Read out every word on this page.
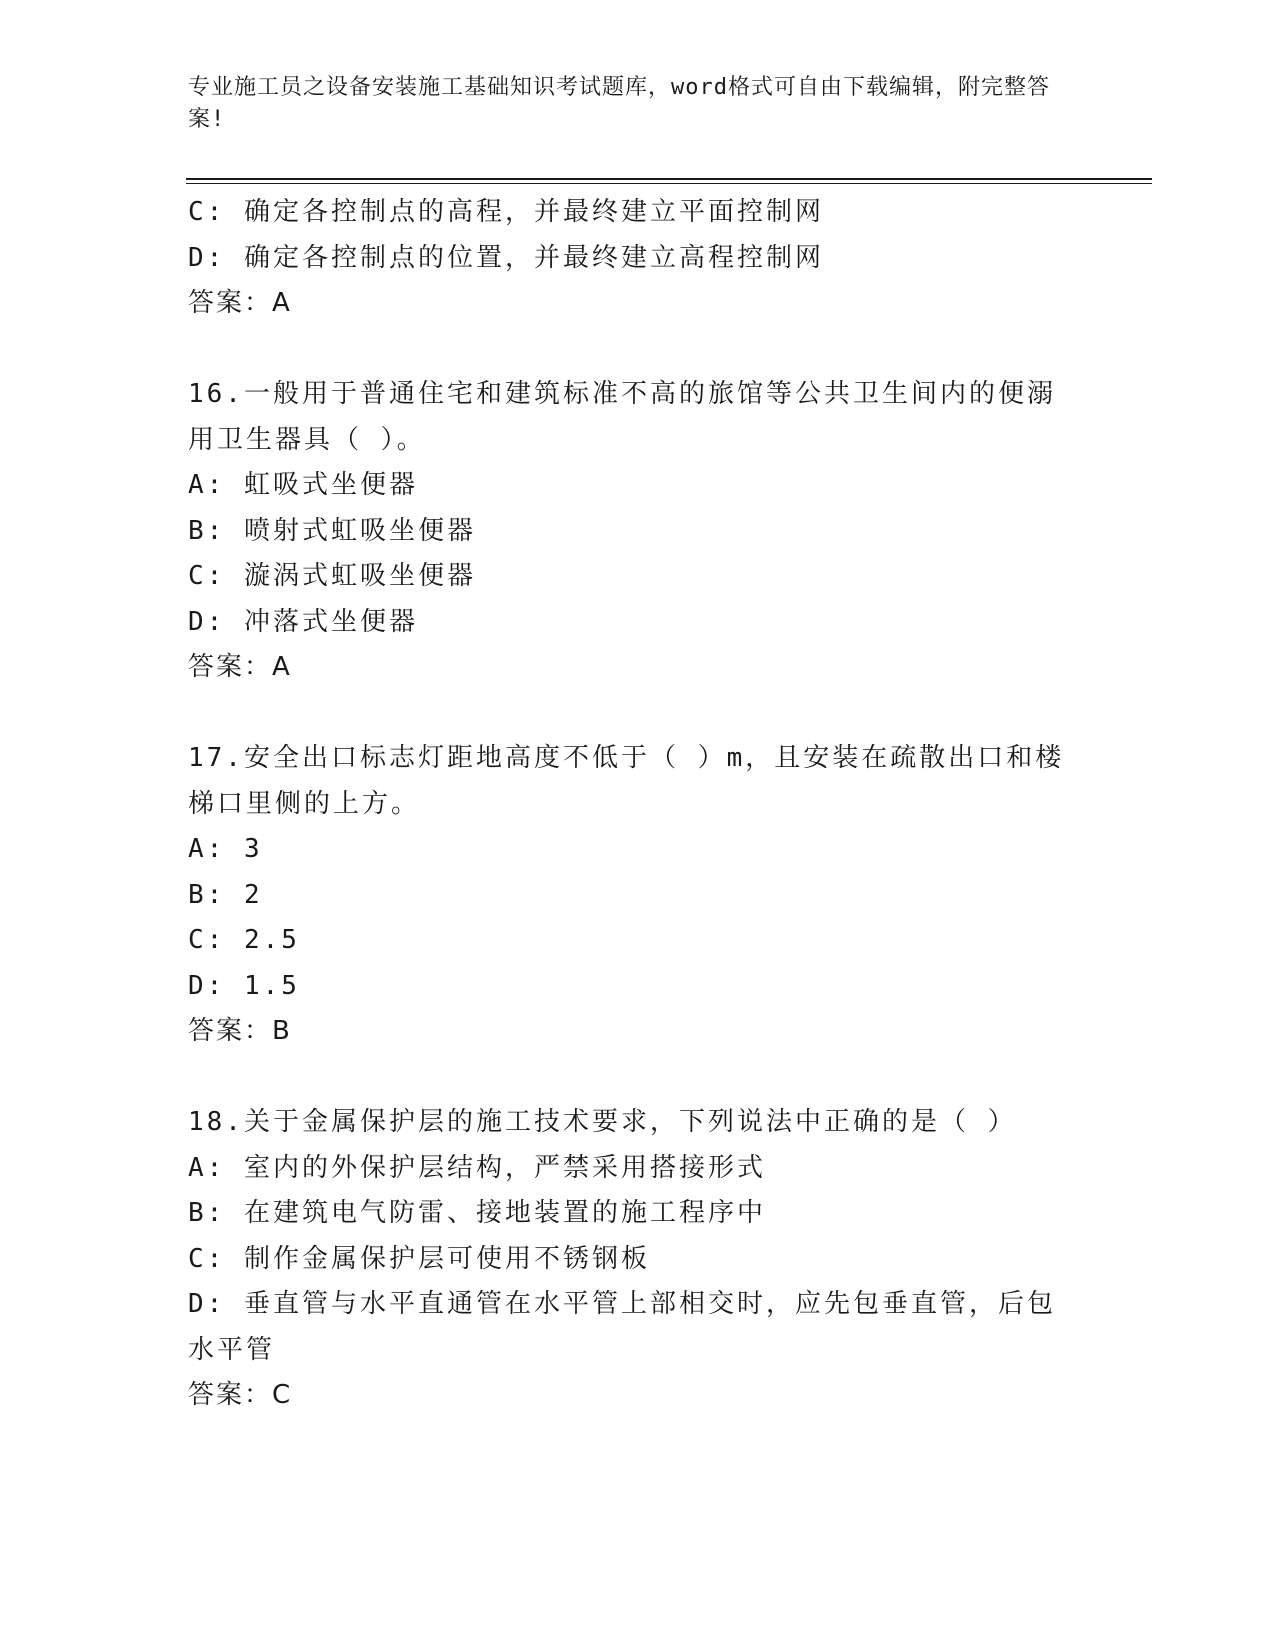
专业施工员之设备安装施工基础知识考试题库，word格式可自由下载编辑，附完整答案!
C: 确定各控制点的高程，并最终建立平面控制网
D: 确定各控制点的位置，并最终建立高程控制网
答案：A
16.一般用于普通住宅和建筑标准不高的旅馆等公共卫生间内的便溺用卫生器具（ ）。
A: 虹吸式坐便器
B: 喷射式虹吸坐便器
C: 漩涡式虹吸坐便器
D: 冲落式坐便器
答案：A
17.安全出口标志灯距地高度不低于（ ）m，且安装在疏散出口和楼梯口里侧的上方。
A: 3
B: 2
C: 2.5
D: 1.5
答案：B
18.关于金属保护层的施工技术要求，下列说法中正确的是（ ）
A: 室内的外保护层结构，严禁采用搭接形式
B: 在建筑电气防雷、接地装置的施工程序中
C: 制作金属保护层可使用不锈钢板
D: 垂直管与水平直通管在水平管上部相交时，应先包垂直管，后包水平管
答案：C
